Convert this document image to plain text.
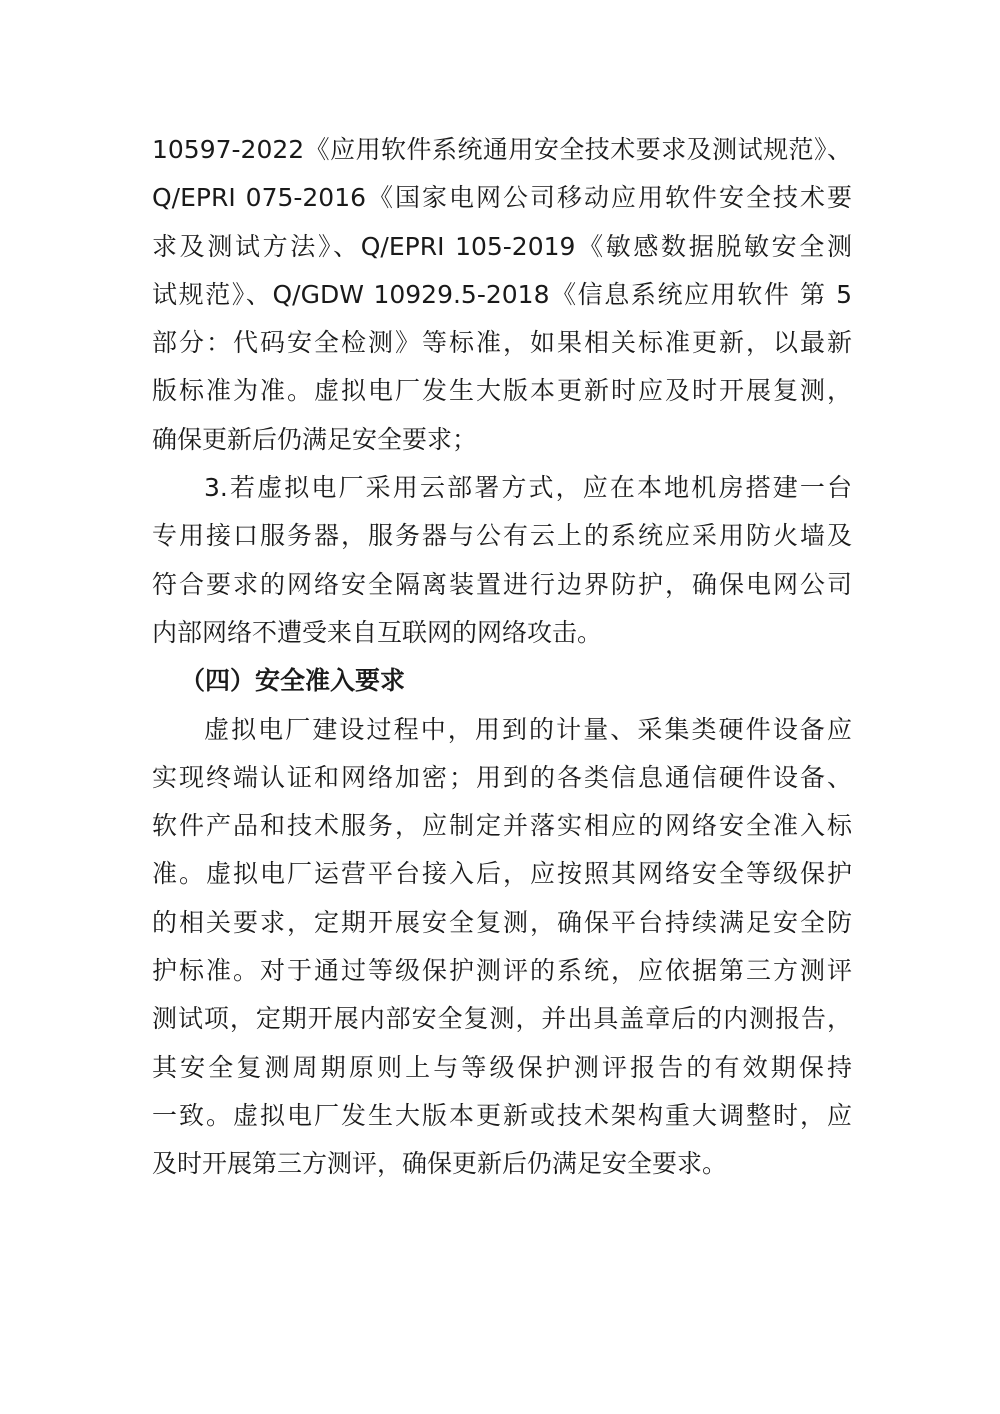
10597-2022《应用软件系统通用安全技术要求及测试规范》、
Q/EPRI 075-2016《国家电网公司移动应用软件安全技术要
求及测试方法》、Q/EPRI 105-2019《敏感数据脱敏安全测
试规范》、Q/GDW 10929.5-2018《信息系统应用软件 第 5
部分：代码安全检测》等标准，如果相关标准更新，以最新
版标准为准。虚拟电厂发生大版本更新时应及时开展复测，
确保更新后仍满足安全要求；
3.若虚拟电厂采用云部署方式，应在本地机房搭建一台
专用接口服务器，服务器与公有云上的系统应采用防火墙及
符合要求的网络安全隔离装置进行边界防护，确保电网公司
内部网络不遭受来自互联网的网络攻击。
（四）安全准入要求
虚拟电厂建设过程中，用到的计量、采集类硬件设备应
实现终端认证和网络加密；用到的各类信息通信硬件设备、
软件产品和技术服务，应制定并落实相应的网络安全准入标
准。虚拟电厂运营平台接入后，应按照其网络安全等级保护
的相关要求，定期开展安全复测，确保平台持续满足安全防
护标准。对于通过等级保护测评的系统，应依据第三方测评
测试项，定期开展内部安全复测，并出具盖章后的内测报告，
其安全复测周期原则上与等级保护测评报告的有效期保持
一致。虚拟电厂发生大版本更新或技术架构重大调整时，应
及时开展第三方测评，确保更新后仍满足安全要求。
